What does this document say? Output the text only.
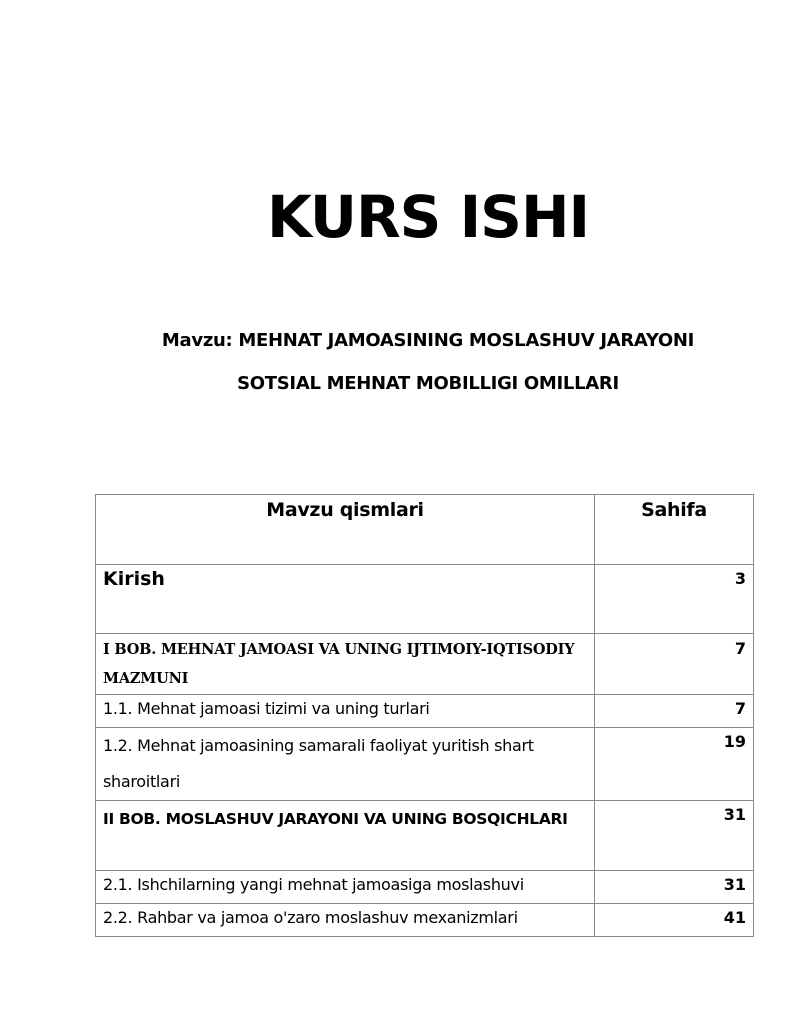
KURS ISHI
Mavzu: MEHNAT JAMOASINING MOSLASHUV JARAYONI
SOTSIAL MEHNAT MOBILLIGI OMILLARI
Mavzu qismlari	Sahifa
Kirish	3
I BOB. MEHNAT JAMOASI VA UNING IJTIMOIY-IQTISODIY MAZMUNI	7
1.1. Mehnat jamoasi tizimi va uning turlari	7
1.2. Mehnat jamoasining samarali faoliyat yuritish shart sharoitlari	19
II BOB. MOSLASHUV JARAYONI VA UNING BOSQICHLARI	31
2.1. Ishchilarning yangi mehnat jamoasiga moslashuvi	31
2.2. Rahbar va jamoa o'zaro moslashuv mexanizmlari	41
